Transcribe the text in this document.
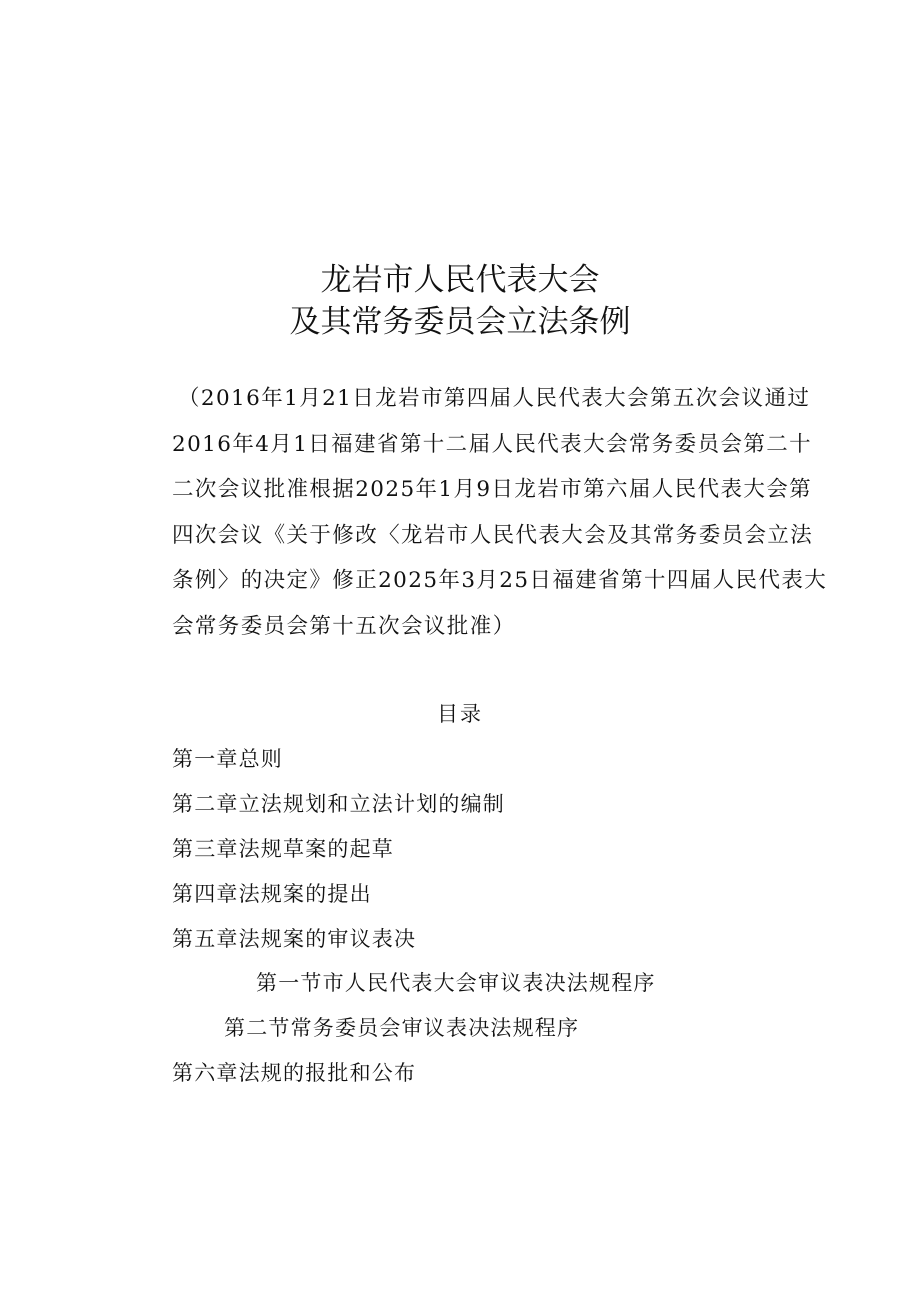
龙岩市人民代表大会
及其常务委员会立法条例
（2016年1月21日龙岩市第四届人民代表大会第五次会议通过
2016年4月1日福建省第十二届人民代表大会常务委员会第二十
二次会议批准根据2025年1月9日龙岩市第六届人民代表大会第
四次会议《关于修改〈龙岩市人民代表大会及其常务委员会立法
条例〉的决定》修正2025年3月25日福建省第十四届人民代表大
会常务委员会第十五次会议批准）
目录
第一章总则
第二章立法规划和立法计划的编制
第三章法规草案的起草
第四章法规案的提出
第五章法规案的审议表决
第一节市人民代表大会审议表决法规程序
第二节常务委员会审议表决法规程序
第六章法规的报批和公布
